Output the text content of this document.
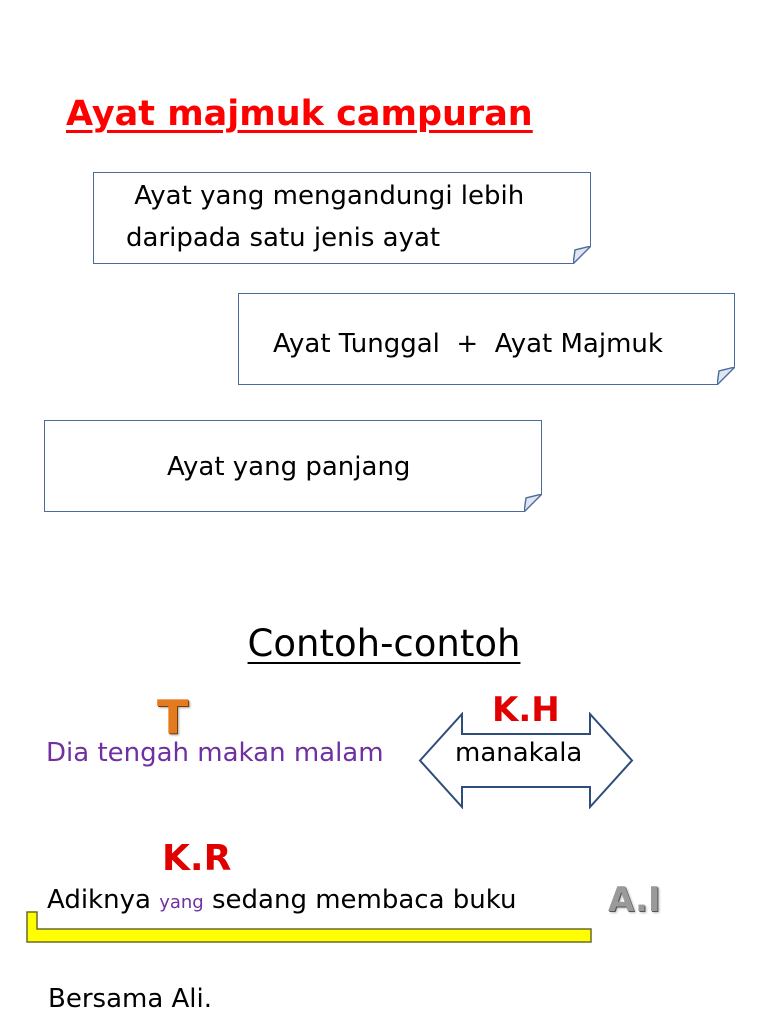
Ayat majmuk campuran
Ayat yang mengandungi lebih
daripada satu jenis ayat
Ayat Tunggal  +  Ayat Majmuk
Ayat yang panjang
Contoh-contoh
T	K.H
Dia tengah makan malam	manakala
K.R
Adiknya yang sedang membaca buku	A.I
Bersama Ali.
